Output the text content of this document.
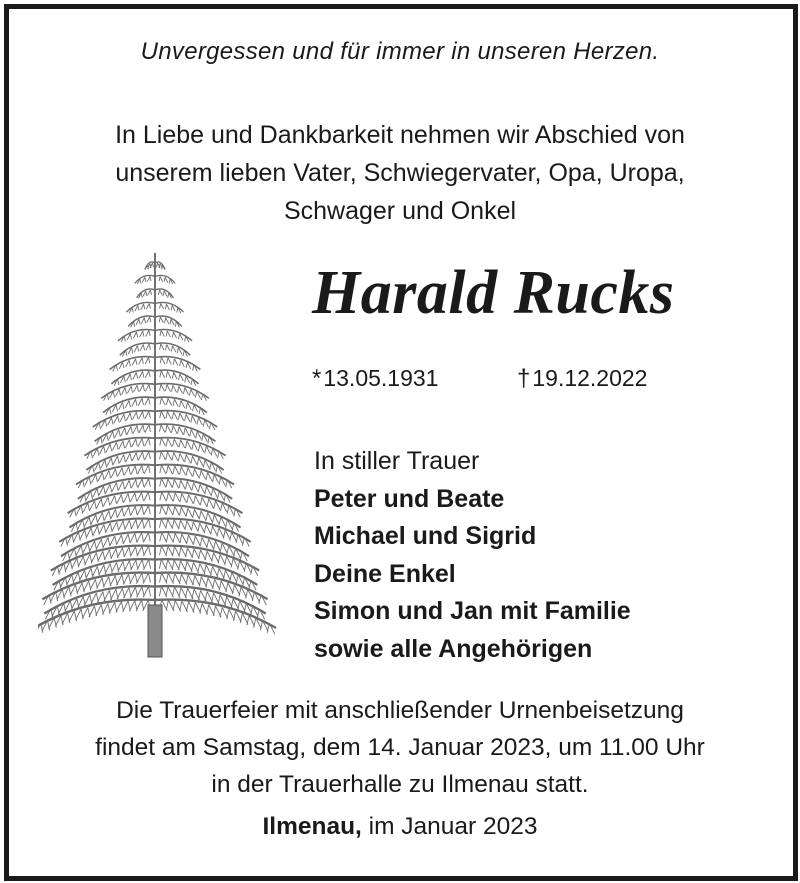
Unvergessen und für immer in unseren Herzen.
In Liebe und Dankbarkeit nehmen wir Abschied von
unserem lieben Vater, Schwiegervater, Opa, Uropa,
Schwager und Onkel
Harald Rucks
*13.05.1931	†19.12.2022
In stiller Trauer
Peter und Beate
Michael und Sigrid
Deine Enkel
Simon und Jan mit Familie
sowie alle Angehörigen
Die Trauerfeier mit anschließender Urnenbeisetzung
findet am Samstag, dem 14. Januar 2023, um 11.00 Uhr
in der Trauerhalle zu Ilmenau statt.
Ilmenau, im Januar 2023
